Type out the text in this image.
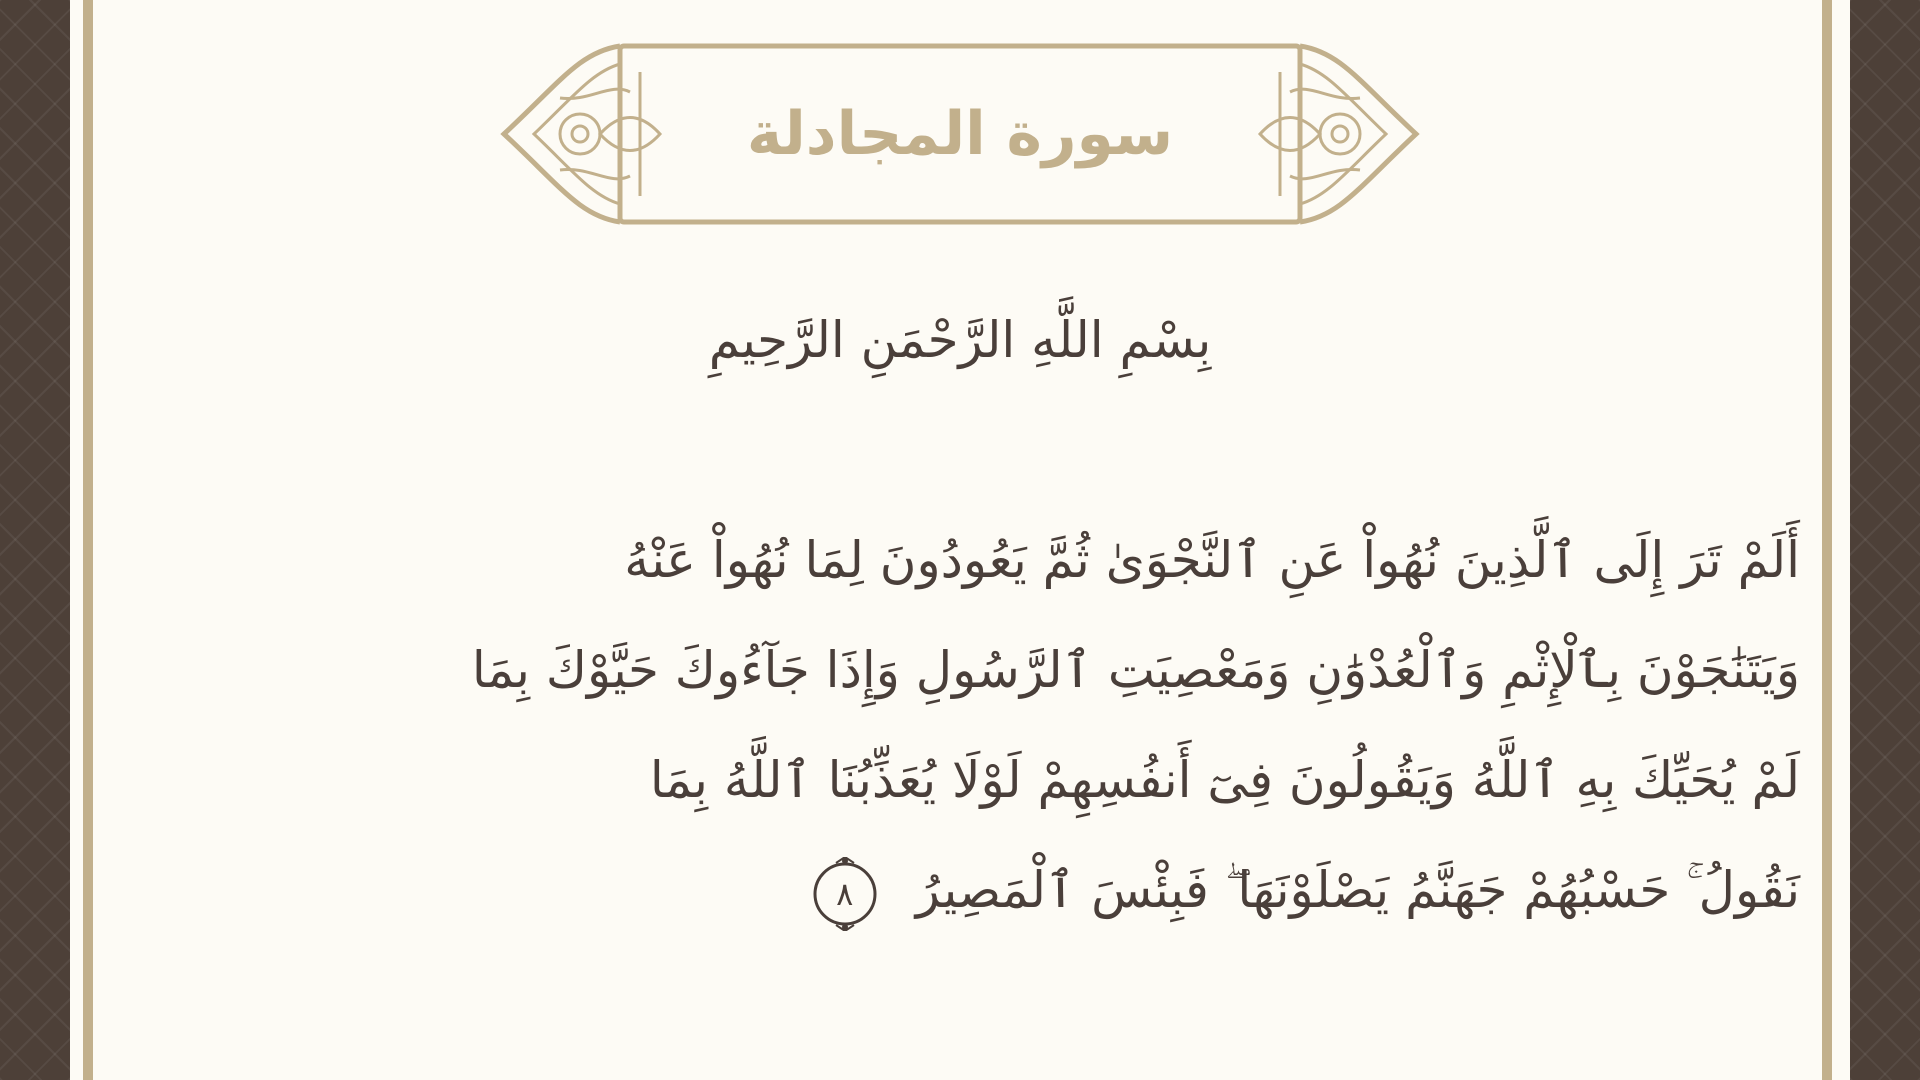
سورة المجادلة
بِسْمِ اللَّهِ الرَّحْمَنِ الرَّحِيمِ
أَلَمْ تَرَ إِلَى ٱلَّذِينَ نُهُواْ عَنِ ٱلنَّجْوَىٰ ثُمَّ يَعُودُونَ لِمَا نُهُواْ عَنْهُ
وَيَتَنَٰجَوْنَ بِٱلْإِثْمِ وَٱلْعُدْوَٰنِ وَمَعْصِيَتِ ٱلرَّسُولِ وَإِذَا جَآءُوكَ حَيَّوْكَ بِمَا
لَمْ يُحَيِّكَ بِهِ ٱللَّهُ وَيَقُولُونَ فِىٓ أَنفُسِهِمْ لَوْلَا يُعَذِّبُنَا ٱللَّهُ بِمَا
نَقُولُ ۚ حَسْبُهُمْ جَهَنَّمُ يَصْلَوْنَهَا ۖ فَبِئْسَ ٱلْمَصِيرُ
٨
